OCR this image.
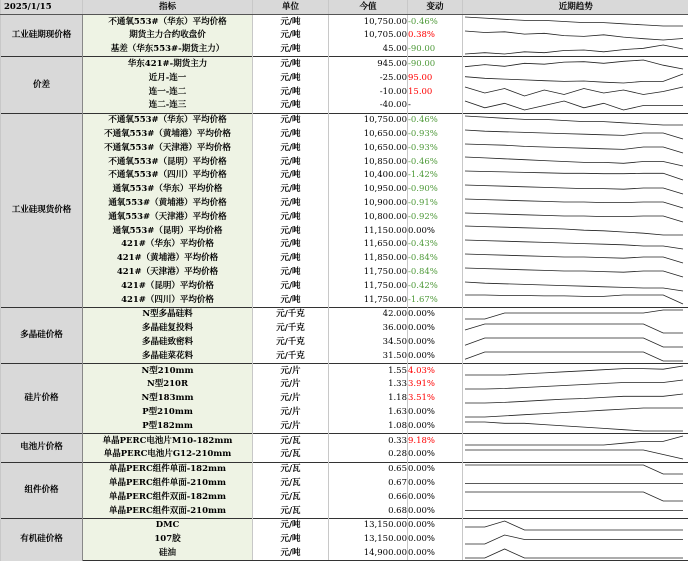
2025/1/15	指标	单位	今值	变动	近期趋势
工业硅期现价格	不通氧553#（华东）平均价格	元/吨	10,750.00	-0.46%	

	期货主力合约收盘价	元/吨	10,705.00	0.38%	

	基差（华东553#-期货主力）	元/吨	45.00	-90.00	

价差	华东421#-期货主力	元/吨	945.00	-90.00	

	近月-连一	元/吨	-25.00	95.00	

	连一-连二	元/吨	-10.00	15.00	

	连二-连三	元/吨	-40.00	-	

工业硅现货价格	不通氧553#（华东）平均价格	元/吨	10,750.00	-0.46%	

	不通氧553#（黄埔港）平均价格	元/吨	10,650.00	-0.93%	

	不通氧553#（天津港）平均价格	元/吨	10,650.00	-0.93%	

	不通氧553#（昆明）平均价格	元/吨	10,850.00	-0.46%	

	不通氧553#（四川）平均价格	元/吨	10,400.00	-1.42%	

	通氧553#（华东）平均价格	元/吨	10,950.00	-0.90%	

	通氧553#（黄埔港）平均价格	元/吨	10,900.00	-0.91%	

	通氧553#（天津港）平均价格	元/吨	10,800.00	-0.92%	

	通氧553#（昆明）平均价格	元/吨	11,150.00	0.00%	

	421#（华东）平均价格	元/吨	11,650.00	-0.43%	

	421#（黄埔港）平均价格	元/吨	11,850.00	-0.84%	

	421#（天津港）平均价格	元/吨	11,750.00	-0.84%	

	421#（昆明）平均价格	元/吨	11,750.00	-0.42%	

	421#（四川）平均价格	元/吨	11,750.00	-1.67%	

多晶硅价格	N型多晶硅料	元/千克	42.00	0.00%	

	多晶硅复投料	元/千克	36.00	0.00%	

	多晶硅致密料	元/千克	34.50	0.00%	

	多晶硅菜花料	元/千克	31.50	0.00%	

硅片价格	N型210mm	元/片	1.55	4.03%	

	N型210R	元/片	1.33	3.91%	

	N型183mm	元/片	1.18	3.51%	

	P型210mm	元/片	1.63	0.00%	

	P型182mm	元/片	1.08	0.00%	

电池片价格	单晶PERC电池片M10-182mm	元/瓦	0.33	9.18%	

	单晶PERC电池片G12-210mm	元/瓦	0.28	0.00%	

组件价格	单晶PERC组件单面-182mm	元/瓦	0.65	0.00%	

	单晶PERC组件单面-210mm	元/瓦	0.67	0.00%	

	单晶PERC组件双面-182mm	元/瓦	0.66	0.00%	

	单晶PERC组件双面-210mm	元/瓦	0.68	0.00%	

有机硅价格	DMC	元/吨	13,150.00	0.00%	

	107胶	元/吨	13,150.00	0.00%	

	硅油	元/吨	14,900.00	0.00%	
